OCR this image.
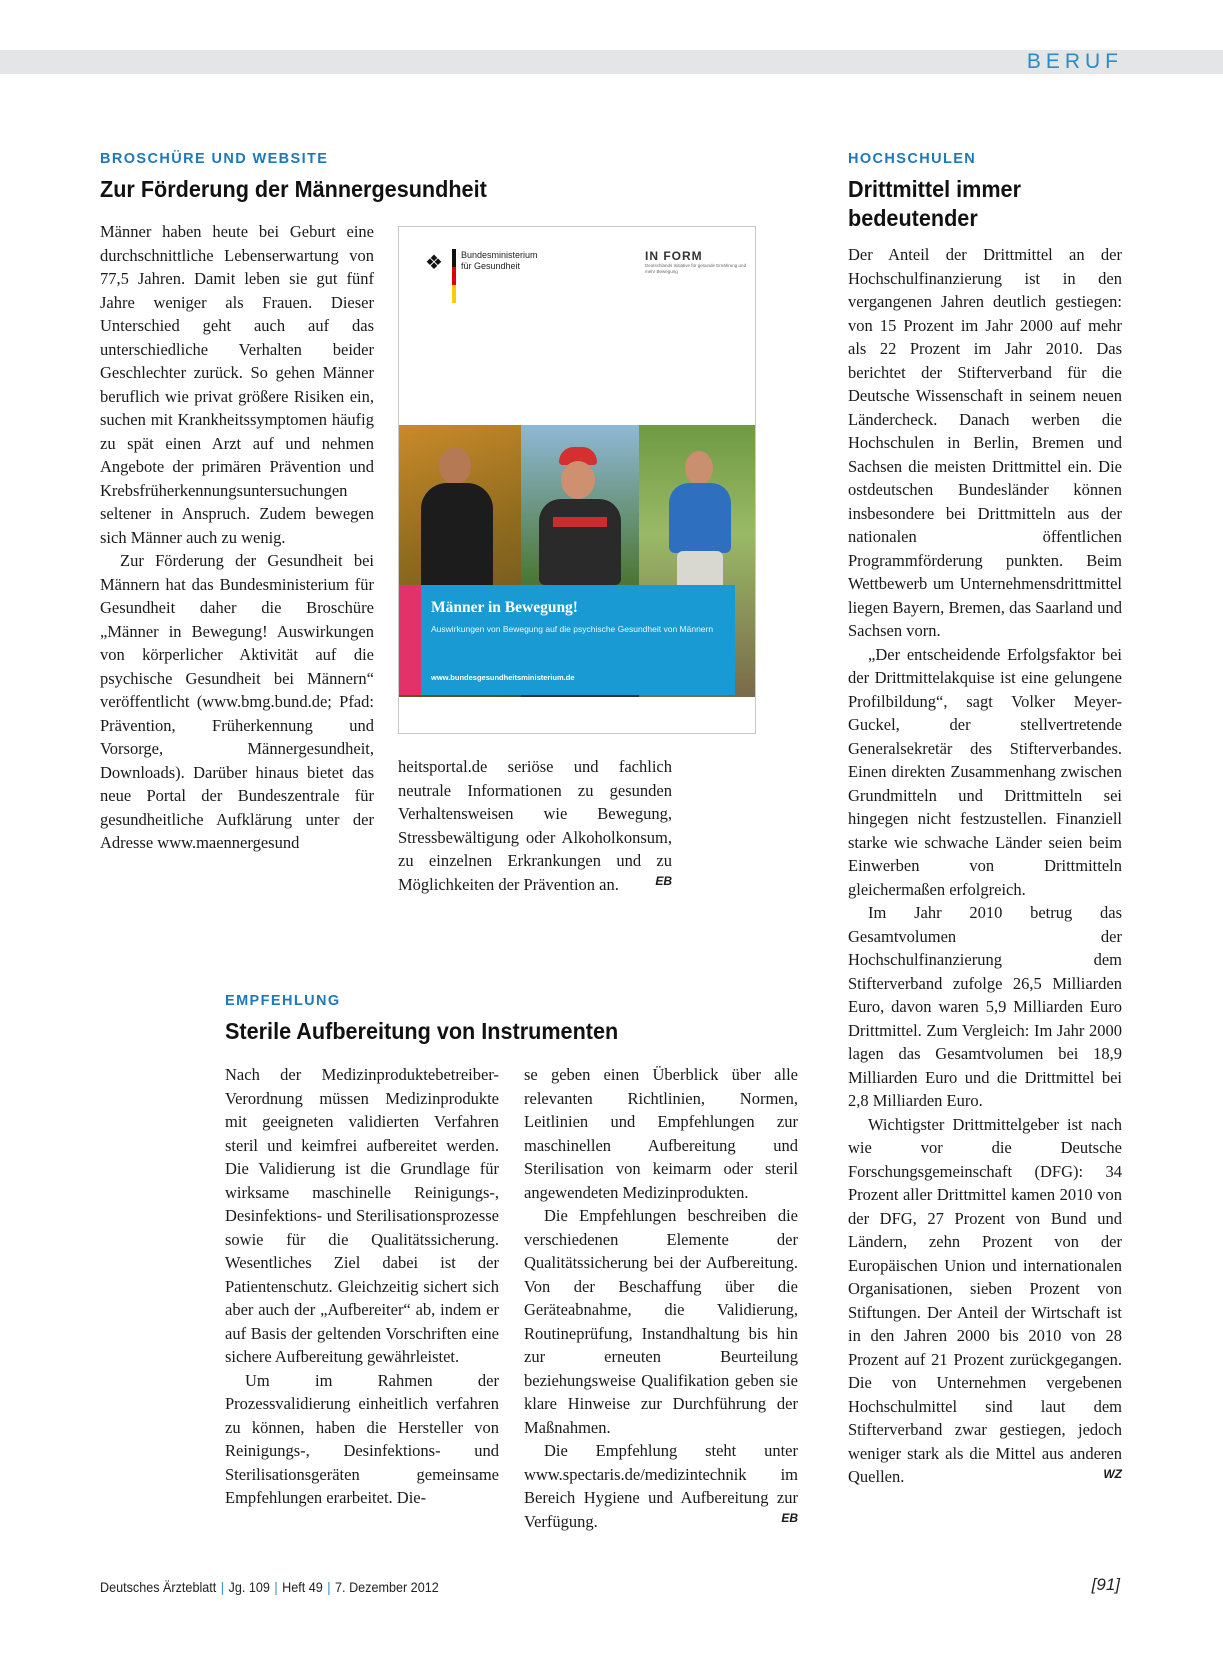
BERUF
BROSCHÜRE UND WEBSITE
Zur Förderung der Männergesundheit

Männer haben heute bei Geburt eine durchschnittliche Lebenserwartung von 77,5 Jahren. Damit leben sie gut fünf Jahre weniger als Frauen. Dieser Unterschied geht auch auf das unterschiedliche Verhalten beider Geschlechter zurück. So gehen Männer beruflich wie privat größere Risiken ein, suchen mit Krankheitssymptomen häufig zu spät einen Arzt auf und nehmen Angebote der primären Prävention und Krebsfrüherkennungsuntersuchungen seltener in Anspruch. Zudem bewegen sich Männer auch zu wenig.

Zur Förderung der Gesundheit bei Männern hat das Bundesministerium für Gesundheit daher die Broschüre „Männer in Bewegung! Auswirkungen von körperlicher Aktivität auf die psychische Gesundheit bei Männern“ veröffentlicht (www.bmg.bund.de; Pfad: Prävention, Früherkennung und Vorsorge, Männergesundheit, Downloads). Darüber hinaus bietet das neue Portal der Bundeszentrale für gesundheitliche Aufklärung unter der Adresse www.maennergesund

❖	Bundesministerium
für Gesundheit
IN FORM
Deutschlands Initiative für gesunde Ernährung und mehr Bewegung
Männer in Bewegung!
Auswirkungen von Bewegung auf die psychische Gesundheit von Männern
www.bundesgesundheitsministerium.de

heitsportal.de seriöse und fachlich neutrale Informationen zu gesunden Verhaltensweisen wie Bewegung, Stressbewältigung oder Alkoholkonsum, zu einzelnen Erkrankungen und zu Möglichkeiten der Prävention an.	EB
EMPFEHLUNG
Sterile Aufbereitung von Instrumenten

Nach der Medizinproduktebetreiber-Verordnung müssen Medizinprodukte mit geeigneten validierten Verfahren steril und keimfrei aufbereitet werden. Die Validierung ist die Grundlage für wirksame maschinelle Reinigungs-, Desinfektions- und Sterilisationsprozesse sowie für die Qualitätssicherung. Wesentliches Ziel dabei ist der Patientenschutz. Gleichzeitig sichert sich aber auch der „Aufbereiter“ ab, indem er auf Basis der geltenden Vorschriften eine sichere Aufbereitung gewährleistet.

Um im Rahmen der Prozessvalidierung einheitlich verfahren zu können, haben die Hersteller von Reinigungs-, Desinfektions- und Sterilisationsgeräten gemeinsame Empfehlungen erarbeitet. Die-

se geben einen Überblick über alle relevanten Richtlinien, Normen, Leitlinien und Empfehlungen zur maschinellen Aufbereitung und Sterilisation von keimarm oder steril angewendeten Medizinprodukten.

Die Empfehlungen beschreiben die verschiedenen Elemente der Qualitätssicherung bei der Aufbereitung. Von der Beschaffung über die Geräteabnahme, die Validierung, Routineprüfung, Instandhaltung bis hin zur erneuten Beurteilung beziehungsweise Qualifikation geben sie klare Hinweise zur Durchführung der Maßnahmen.

Die Empfehlung steht unter www.spectaris.de/medizintechnik im Bereich Hygiene und Aufbereitung zur Verfügung.	EB
HOCHSCHULEN
Drittmittel immer
bedeutender

Der Anteil der Drittmittel an der Hochschulfinanzierung ist in den vergangenen Jahren deutlich gestiegen: von 15 Prozent im Jahr 2000 auf mehr als 22 Prozent im Jahr 2010. Das berichtet der Stifterverband für die Deutsche Wissenschaft in seinem neuen Ländercheck. Danach werben die Hochschulen in Berlin, Bremen und Sachsen die meisten Drittmittel ein. Die ostdeutschen Bundesländer können insbesondere bei Drittmitteln aus der nationalen öffentlichen Programmförderung punkten. Beim Wettbewerb um Unternehmensdrittmittel liegen Bayern, Bremen, das Saarland und Sachsen vorn.

„Der entscheidende Erfolgsfaktor bei der Drittmittelakquise ist eine gelungene Profilbildung“, sagt Volker Meyer-Guckel, der stellvertretende Generalsekretär des Stifterverbandes. Einen direkten Zusammenhang zwischen Grundmitteln und Drittmitteln sei hingegen nicht festzustellen. Finanziell starke wie schwache Länder seien beim Einwerben von Drittmitteln gleichermaßen erfolgreich.

Im Jahr 2010 betrug das Gesamtvolumen der Hochschulfinanzierung dem Stifterverband zufolge 26,5 Milliarden Euro, davon waren 5,9 Milliarden Euro Drittmittel. Zum Vergleich: Im Jahr 2000 lagen das Gesamtvolumen bei 18,9 Milliarden Euro und die Drittmittel bei 2,8 Milliarden Euro.

Wichtigster Drittmittelgeber ist nach wie vor die Deutsche Forschungsgemeinschaft (DFG): 34 Prozent aller Drittmittel kamen 2010 von der DFG, 27 Prozent von Bund und Ländern, zehn Prozent von der Europäischen Union und internationalen Organisationen, sieben Prozent von Stiftungen. Der Anteil der Wirtschaft ist in den Jahren 2000 bis 2010 von 28 Prozent auf 21 Prozent zurückgegangen. Die von Unternehmen vergebenen Hochschulmittel sind laut dem Stifterverband zwar gestiegen, jedoch weniger stark als die Mittel aus anderen Quellen.	WZ
Deutsches Ärzteblatt | Jg. 109 | Heft 49 | 7. Dezember 2012	[91]
